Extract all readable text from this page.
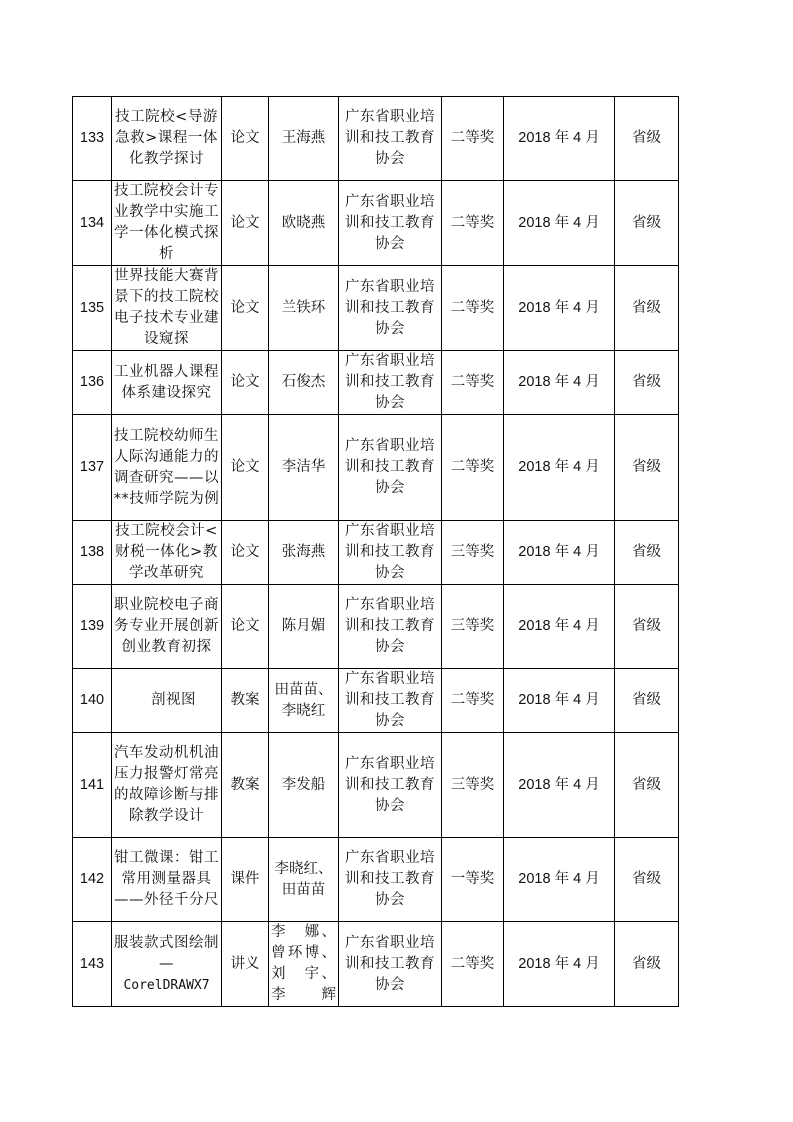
133	技工院校<导游急救>课程一体化教学探讨	论文	王海燕	广东省职业培训和技工教育协会	二等奖	2018 年 4 月	省级
134	技工院校会计专业教学中实施工学一体化模式探析	论文	欧晓燕	广东省职业培训和技工教育协会	二等奖	2018 年 4 月	省级
135	世界技能大赛背景下的技工院校电子技术专业建设窥探	论文	兰铁环	广东省职业培训和技工教育协会	二等奖	2018 年 4 月	省级
136	工业机器人课程体系建设探究	论文	石俊杰	广东省职业培训和技工教育协会	二等奖	2018 年 4 月	省级
137	技工院校幼师生人际沟通能力的调查研究——以**技师学院为例	论文	李洁华	广东省职业培训和技工教育协会	二等奖	2018 年 4 月	省级
138	技工院校会计<财税一体化>教学改革研究	论文	张海燕	广东省职业培训和技工教育协会	三等奖	2018 年 4 月	省级
139	职业院校电子商务专业开展创新创业教育初探	论文	陈月媚	广东省职业培训和技工教育协会	三等奖	2018 年 4 月	省级
140	剖视图	教案	田苗苗、
李晓红	广东省职业培训和技工教育协会	二等奖	2018 年 4 月	省级
141	汽车发动机机油压力报警灯常亮的故障诊断与排除教学设计	教案	李发船	广东省职业培训和技工教育协会	三等奖	2018 年 4 月	省级
142	钳工微课：钳工常用测量器具——外径千分尺	课件	李晓红、
田苗苗	广东省职业培训和技工教育协会	一等奖	2018 年 4 月	省级
143	服装款式图绘制—
CorelDRAWX7	讲义	李　娜、
曾环博、
刘　宇、
李　辉	广东省职业培训和技工教育协会	二等奖	2018 年 4 月	省级
